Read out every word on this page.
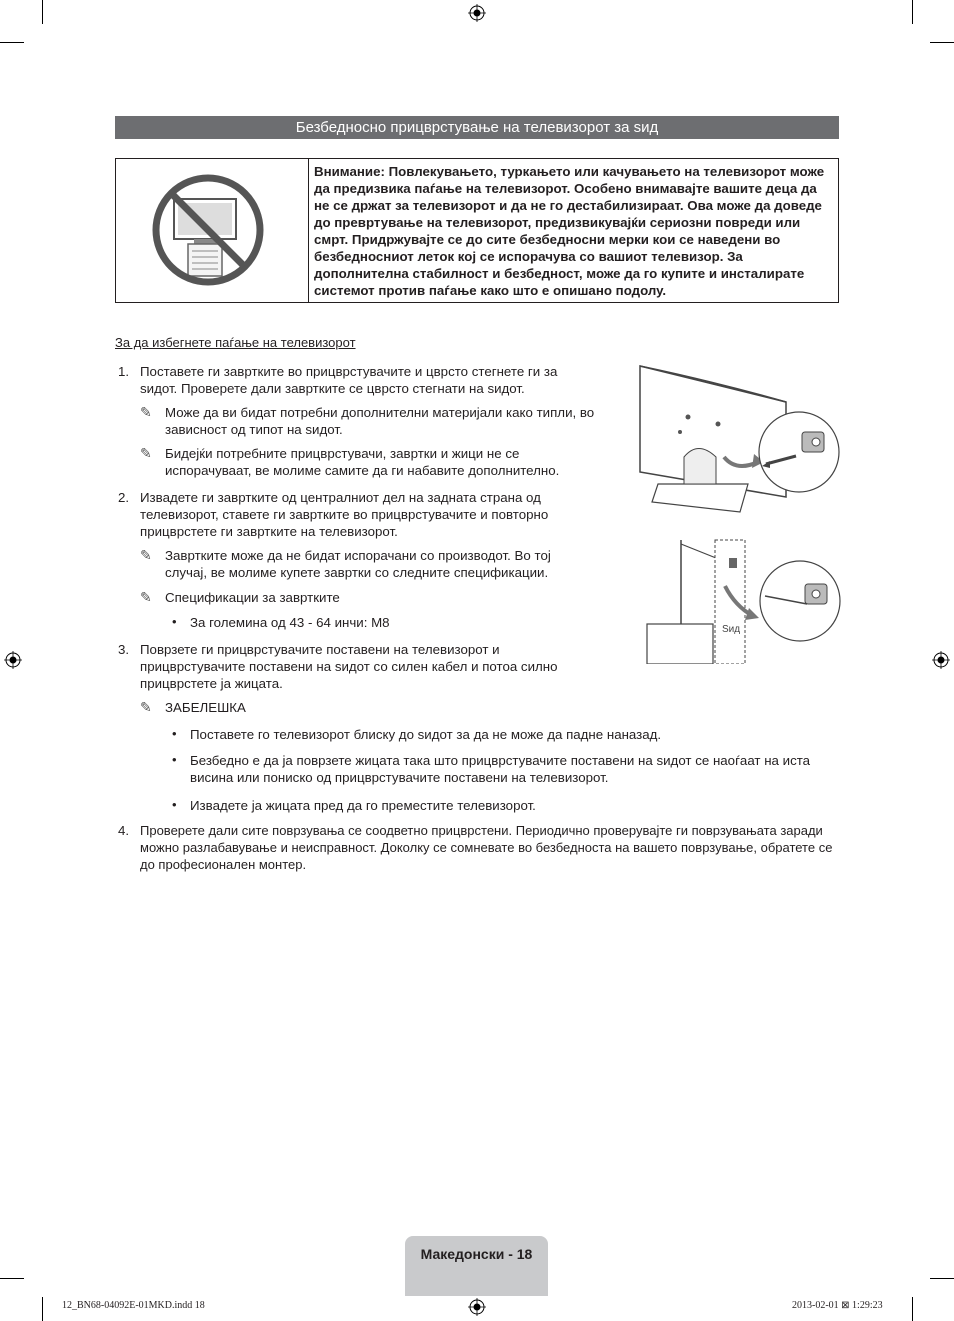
Безбедносно прицврстување на телевизорот за ѕид
Внимание: Повлекувањето, туркањето или качувањето на телевизорот може да предизвика паѓање на телевизорот. Особено внимавајте вашите деца да не се држат за телевизорот и да не го дестабилизираат. Ова може да доведе до превртување на телевизорот, предизвикувајќи сериозни повреди или смрт. Придржувајте се до сите безбедносни мерки кои се наведени во безбедносниот леток кој се испорачува со вашиот телевизор. За дополнителна стабилност и безбедност, може да го купите и инсталирате системот против паѓање како што е опишано подолу.
За да избегнете паѓање на телевизорот
1. Поставете ги завртките во прицврстувачите и цврсто стегнете ги за ѕидот. Проверете дали завртките се цврсто стегнати на ѕидот.
✎ Може да ви бидат потребни дополнителни материјали како типли, во зависност од типот на ѕидот.
✎ Бидејќи потребните прицврстувачи, завртки и жици не се испорачуваат, ве молиме самите да ги набавите дополнително.
2. Извадете ги завртките од централниот дел на задната страна од телевизорот, ставете ги завртките во прицврстувачите и повторно прицврстете ги завртките на телевизорот.
✎ Завртките може да не бидат испорачани со производот. Во тој случај, ве молиме купете завртки со следните спецификации.
✎ Спецификации за завртките
• За големина од 43 - 64 инчи: M8
3. Поврзете ги прицврстувачите поставени на телевизорот и прицврстувачите поставени на ѕидот со силен кабел и потоа силно прицврстете ја жицата.
✎ ЗАБЕЛЕШКА
• Поставете го телевизорот блиску до ѕидот за да не може да падне наназад.
• Безбедно е да ја поврзете жицата така што прицврстувачите поставени на ѕидот се наоѓаат на иста висина или пониско од прицврстувачите поставени на телевизорот.
• Извадете ја жицата пред да го преместите телевизорот.
4. Проверете дали сите поврзувања се соодветно прицврстени. Периодично проверувајте ги поврзувањата заради можно разлабавување и неисправност. Доколку се сомневате во безбедноста на вашето поврзување, обратете се до професионален монтер.
Ѕид
Македонски - 18
12_BN68-04092E-01MKD.indd 18	2013-02-01 ⊠ 1:29:23
